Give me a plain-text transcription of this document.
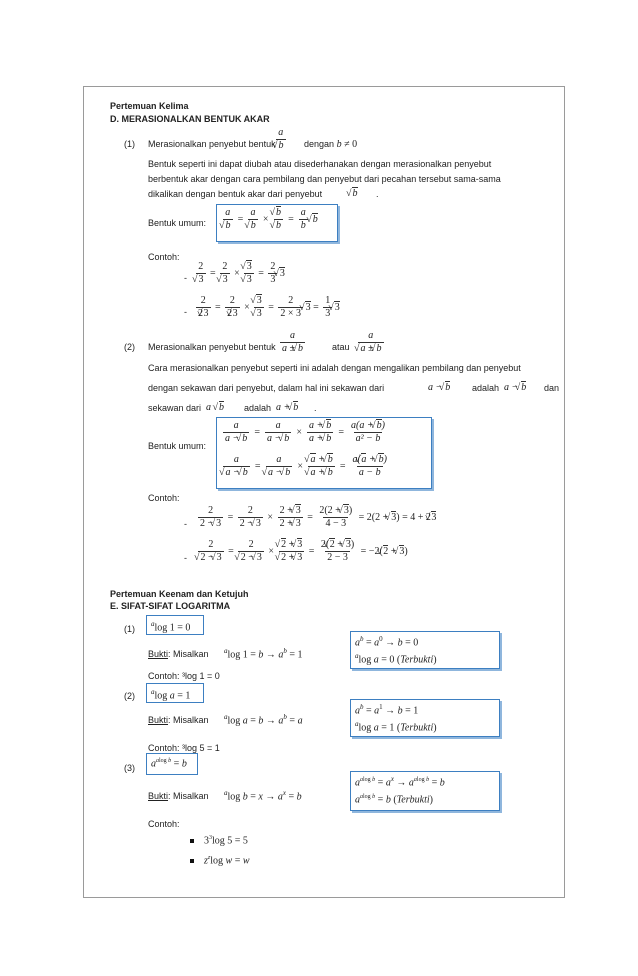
Pertemuan Kelima
D. MERASIONALKAN BENTUK AKAR
(1) Merasionalkan penyebut bentuk a
√ b dengan b ≠ 0
Bentuk seperti ini dapat diubah atau disederhanakan dengan merasionalkan penyebut
berbentuk akar dengan cara pembilang dan penyebut dari pecahan tersebut sama-sama
dikalikan dengan bentuk akar dari penyebut	√ b .
Bentuk umum: a
√ b = a
√ b × √ b
√ $b = \frac{a}{b}$ √ b
Contoh:
- 2
√ 3 = 2
√ 3 × √ 3
√ $3 = \frac{2}{3}$ √ 3
- $\frac{2}{2√ 3} = \frac{2}{2√ 3}$ × √ 3
√ $3 = \frac{2}{2 \times 3}$ √ $3 = \frac{1}{3}$ √ 3
(2) Merasionalkan penyebut bentuk $\frac{a}{a \pm √ b}$	atau a
√ a ± √ b
Cara merasionalkan penyebut seperti ini adalah dengan mengalikan pembilang dan penyebut
dengan sekawan dari penyebut, dalam hal ini sekawan dari	a − √ b adalah a − √ b dan
sekawan dari a   √ b adalah a + √ b .
Bentuk umum:
$\frac{a}{a - √ b} = \frac{a}{a - √ b} \times \frac{a + √ b}{a + √ b} = \frac{a(a + √ b)}{\text{a² − b}}$
a
√ a − √ b = a
√ a − √ b × √ a + √ b
√ a + √ $b = \frac{a(√ a + √ b)}{a - b}$
Contoh:
- $\frac{2}{2 - √ 3} = \frac{2}{2 - √ 3} \times \frac{2 + √ 3}{2 + √ 3} = \frac{2(2 + √ 3)}{4 - 3} = 2(2$ + √ 3) = 4 + 2√ 3
- 2
√ 2 − √ 3 = 2
√ 2 − √ 3 × √ 2 + √ 3
√ 2 + √ $3 = \frac{2(√ 2 + √ 3)}{2 - 3} = -2(√$ 2 + √ 3)
Pertemuan Keenam dan Ketujuh
E. SIFAT-SIFAT LOGARITMA
(1) $^a$log 1 = 0
Bukti: Misalkan $^a$log $1 = b \to a^b = 1$
$a^b = a^0 \to b = 0$
$^a$log a = 0 (Terbukti)
Contoh: ³log 1 = 0
(2) $^a$log a = 1
Bukti: Misalkan $^a$log $a = b \to a^b = a$
$a^b = a^1 \to b = 1$
$^a$log a = 1 (Terbukti)
Contoh: ³log 5 = 1
(3) $a^{alog b} = b$
Bukti: Misalkan $^a$log $b = x \to a^x = b$
$a^{alog b} = a^x \to a^{alog b} = b$
$a^{alog b} = b$ (Terbukti)
Contoh:
$3^3\log$ 5 = 5
$z^z\log$ w = w
